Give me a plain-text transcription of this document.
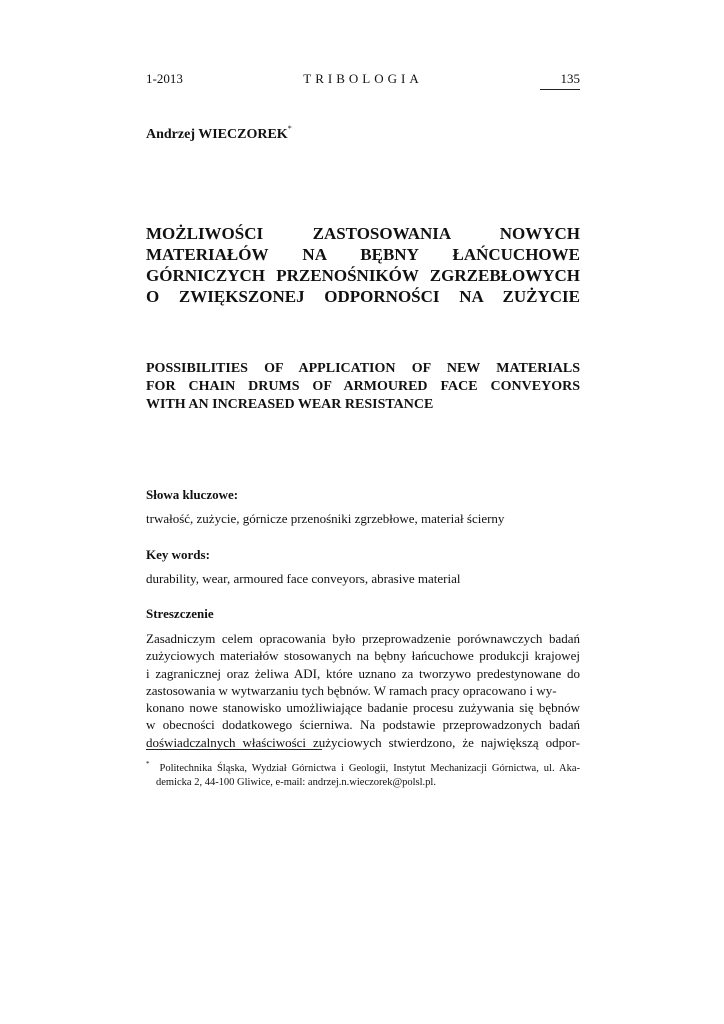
1-2013	TRIBOLOGIA	135
Andrzej WIECZOREK*
MOŻLIWOŚCI ZASTOSOWANIA NOWYCH
MATERIAŁÓW NA BĘBNY ŁAŃCUCHOWE
GÓRNICZYCH PRZENOŚNIKÓW ZGRZEBŁOWYCH
O ZWIĘKSZONEJ ODPORNOŚCI NA ZUŻYCIE
POSSIBILITIES OF APPLICATION OF NEW MATERIALS
FOR CHAIN DRUMS OF ARMOURED FACE CONVEYORS
WITH AN INCREASED WEAR RESISTANCE
Słowa kluczowe:

trwałość, zużycie, górnicze przenośniki zgrzebłowe, materiał ścierny

Key words:

durability, wear, armoured face conveyors, abrasive material

Streszczenie

Zasadniczym celem opracowania było przeprowadzenie porównawczych badań
zużyciowych materiałów stosowanych na bębny łańcuchowe produkcji krajowej
i zagranicznej oraz żeliwa ADI, które uznano za tworzywo predestynowane do
zastosowania w wytwarzaniu tych bębnów. W ramach pracy opracowano i wy-
konano nowe stanowisko umożliwiające badanie procesu zużywania się bębnów
w obecności dodatkowego ścierniwa. Na podstawie przeprowadzonych badań
doświadczalnych właściwości zużyciowych stwierdzono, że największą odpor-

* Politechnika Śląska, Wydział Górnictwa i Geologii, Instytut Mechanizacji Górnictwa, ul. Aka-
demicka 2, 44-100 Gliwice, e-mail: andrzej.n.wieczorek@polsl.pl.
